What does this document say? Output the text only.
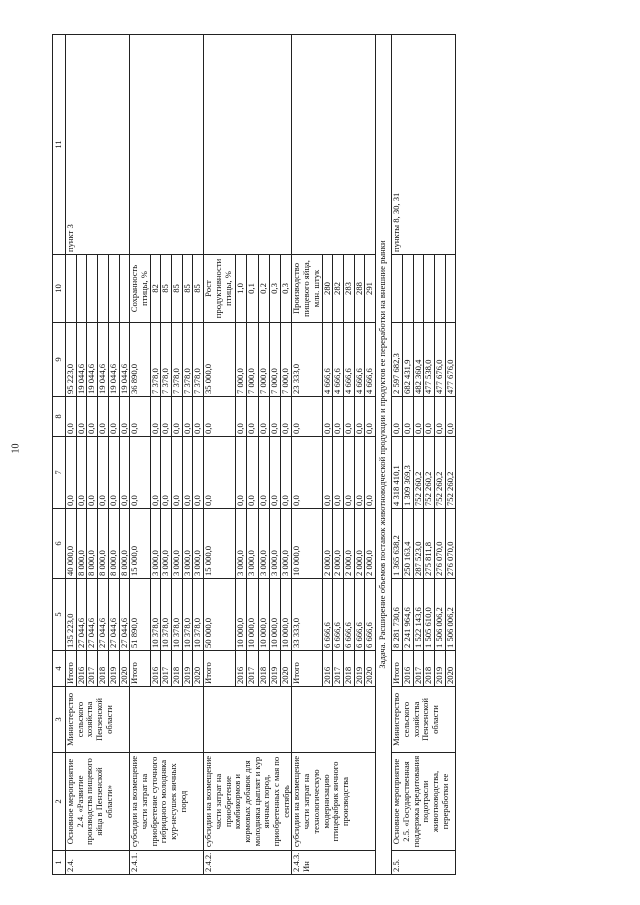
10
1	2	3	4	5	6	7	8	9	10	11
2.4.	Основное мероприятие 2.4. «Развитие производства пищевого яйца в Пензенской области»	Министерство сельского хозяйства Пензенской области	Итого	135 223,0	40 000,0	0,0	0,0	95 223,0		пункт 3
			2016	27 044,6	8 000,0	0,0	0,0	19 044,6		
			2017	27 044,6	8 000,0	0,0	0,0	19 044,6		
			2018	27 044,6	8 000,0	0,0	0,0	19 044,6		
			2019	27 044,6	8 000,0	0,0	0,0	19 044,6		
			2020	27 044,6	8 000,0	0,0	0,0	19 044,6		
2.4.1.	субсидии на возмещение части затрат на приобретение суточного гибридного молодняка кур-несушек яичных пород		Итого	51 890,0	15 000,0	0,0	0,0	36 890,0	Сохранность птицы, %	
			2016	10 378,0	3 000,0	0,0	0,0	7 378,0	82	
			2017	10 378,0	3 000,0	0,0	0,0	7 378,0	85	
			2018	10 378,0	3 000,0	0,0	0,0	7 378,0	85	
			2019	10 378,0	3 000,0	0,0	0,0	7 378,0	85	
			2020	10 378,0	3 000,0	0,0	0,0	7 378,0	85	
2.4.2.	субсидии на возмещение части затрат на приобретение комбикормов и кормовых добавок для молодняка цыплят и кур яичных пород, приобретенных с мая по сентябрь		Итого	50 000,0	15 000,0	0,0	0,0	35 000,0	Рост продуктивности птицы, %	
			2016	10 000,0	3 000,0	0,0	0,0	7 000,0	1,0	
			2017	10 000,0	3 000,0	0,0	0,0	7 000,0	0,1	
			2018	10 000,0	3 000,0	0,0	0,0	7 000,0	0,2	
			2019	10 000,0	3 000,0	0,0	0,0	7 000,0	0,3	
			2020	10 000,0	3 000,0	0,0	0,0	7 000,0	0,3	
2.4.3. Ин	субсидии на возмещение части затрат на технологическую модернизацию птицефабрик яичного производства		Итого	33 333,0	10 000,0	0,0	0,0	23 333,0	Производство пищевого яйца, млн. штук	
			2016	6 666,6	2 000,0	0,0	0,0	4 666,6	280	
			2017	6 666,6	2 000,0	0,0	0,0	4 666,6	282	
			2018	6 666,6	2 000,0	0,0	0,0	4 666,6	283	
			2019	6 666,6	2 000,0	0,0	0,0	4 666,6	288	
			2020	6 666,6	2 000,0	0,0	0,0	4 666,6	291	
Задача. Расширение объемов поставок животноводческой продукции и продуктов ее переработки на внешние рынки										
2.5.	Основное мероприятие 2.5. «Государственная поддержка кредитования подотрасли животноводства, переработки ее	Министерство сельского хозяйства Пензенской области	Итого	8 281 730,6	1 365 638,2	4 318 410,1	0,0	2 597 682,3		пункты 8, 30, 31
			2016	2 241 964,6	250 163,4	1 309 369,3	0,0	682 431,9		
			2017	1 522 143,6	287 523,0	752 260,2	0,0	482 360,4		
			2018	1 505 610,0	275 811,8	752 260,2	0,0	477 538,0		
			2019	1 506 006,2	276 070,0	752 260,2	0,0	477 676,0		
			2020	1 506 006,2	276 070,0	752 260,2	0,0	477 676,0		
